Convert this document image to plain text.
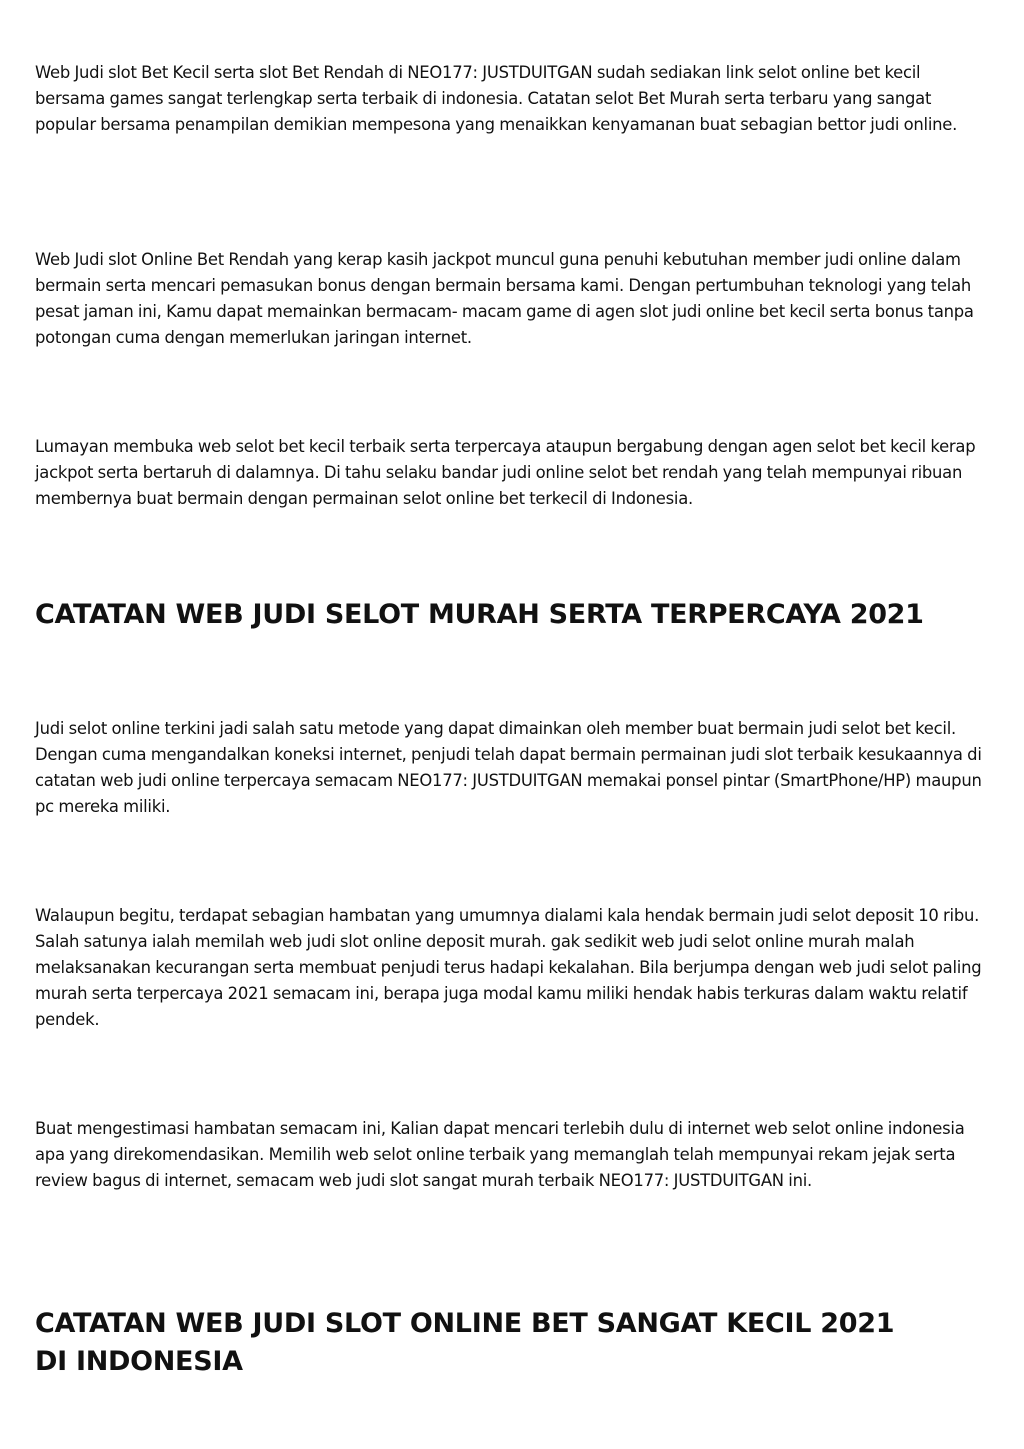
Web Judi slot Bet Kecil serta slot Bet Rendah di NEO177: JUSTDUITGAN sudah sediakan link selot online bet kecil bersama games sangat terlengkap serta terbaik di indonesia. Catatan selot Bet Murah serta terbaru yang sangat popular bersama penampilan demikian mempesona yang menaikkan kenyamanan buat sebagian bettor judi online.

Web Judi slot Online Bet Rendah yang kerap kasih jackpot muncul guna penuhi kebutuhan member judi online dalam bermain serta mencari pemasukan bonus dengan bermain bersama kami. Dengan pertumbuhan teknologi yang telah pesat jaman ini, Kamu dapat memainkan bermacam- macam game di agen slot judi online bet kecil serta bonus tanpa potongan cuma dengan memerlukan jaringan internet.

Lumayan membuka web selot bet kecil terbaik serta terpercaya ataupun bergabung dengan agen selot bet kecil kerap jackpot serta bertaruh di dalamnya. Di tahu selaku bandar judi online selot bet rendah yang telah mempunyai ribuan membernya buat bermain dengan permainan selot online bet terkecil di Indonesia.

CATATAN WEB JUDI SELOT MURAH SERTA TERPERCAYA 2021

Judi selot online terkini jadi salah satu metode yang dapat dimainkan oleh member buat bermain judi selot bet kecil. Dengan cuma mengandalkan koneksi internet, penjudi telah dapat bermain permainan judi slot terbaik kesukaannya di catatan web judi online terpercaya semacam NEO177: JUSTDUITGAN memakai ponsel pintar (SmartPhone/HP) maupun pc mereka miliki.

Walaupun begitu, terdapat sebagian hambatan yang umumnya dialami kala hendak bermain judi selot deposit 10 ribu. Salah satunya ialah memilah web judi slot online deposit murah. gak sedikit web judi selot online murah malah melaksanakan kecurangan serta membuat penjudi terus hadapi kekalahan. Bila berjumpa dengan web judi selot paling murah serta terpercaya 2021 semacam ini, berapa juga modal kamu miliki hendak habis terkuras dalam waktu relatif pendek.

Buat mengestimasi hambatan semacam ini, Kalian dapat mencari terlebih dulu di internet web selot online indonesia apa yang direkomendasikan. Memilih web selot online terbaik yang memanglah telah mempunyai rekam jejak serta review bagus di internet, semacam web judi slot sangat murah terbaik NEO177: JUSTDUITGAN ini.

CATATAN WEB JUDI SLOT ONLINE BET SANGAT KECIL 2021 DI INDONESIA
